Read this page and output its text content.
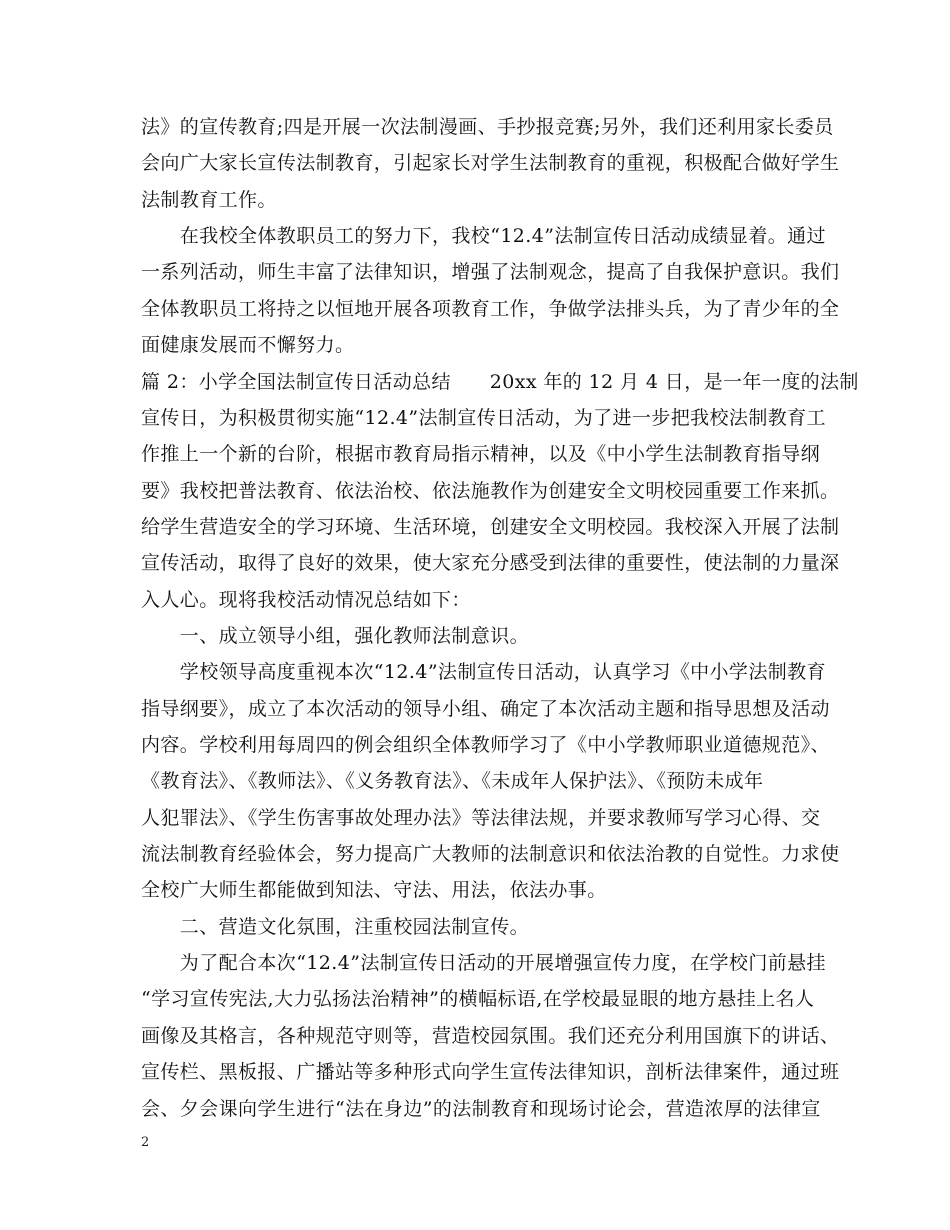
法》的宣传教育;四是开展一次法制漫画、手抄报竞赛;另外，我们还利用家长委员
会向广大家长宣传法制教育，引起家长对学生法制教育的重视，积极配合做好学生
法制教育工作。
　　在我校全体教职员工的努力下，我校“12.4”法制宣传日活动成绩显着。通过
一系列活动，师生丰富了法律知识，增强了法制观念，提高了自我保护意识。我们
全体教职员工将持之以恒地开展各项教育工作，争做学法排头兵，为了青少年的全
面健康发展而不懈努力。
篇 2：小学全国法制宣传日活动总结　　20xx 年的 12 月 4 日，是一年一度的法制
宣传日，为积极贯彻实施“12.4”法制宣传日活动，为了进一步把我校法制教育工
作推上一个新的台阶，根据市教育局指示精神，以及《中小学生法制教育指导纲
要》我校把普法教育、依法治校、依法施教作为创建安全文明校园重要工作来抓。
给学生营造安全的学习环境、生活环境，创建安全文明校园。我校深入开展了法制
宣传活动，取得了良好的效果，使大家充分感受到法律的重要性，使法制的力量深
入人心。现将我校活动情况总结如下：
　　一、成立领导小组，强化教师法制意识。
　　学校领导高度重视本次“12.4”法制宣传日活动，认真学习《中小学法制教育
指导纲要》，成立了本次活动的领导小组、确定了本次活动主题和指导思想及活动
内容。学校利用每周四的例会组织全体教师学习了《中小学教师职业道德规范》、
《教育法》、《教师法》、《义务教育法》、《未成年人保护法》、《预防未成年
人犯罪法》、《学生伤害事故处理办法》等法律法规，并要求教师写学习心得、交
流法制教育经验体会，努力提高广大教师的法制意识和依法治教的自觉性。力求使
全校广大师生都能做到知法、守法、用法，依法办事。
　　二、营造文化氛围，注重校园法制宣传。
　　为了配合本次“12.4”法制宣传日活动的开展增强宣传力度，在学校门前悬挂
“学习宣传宪法,大力弘扬法治精神”的横幅标语,在学校最显眼的地方悬挂上名人
画像及其格言，各种规范守则等，营造校园氛围。我们还充分利用国旗下的讲话、
宣传栏、黑板报、广播站等多种形式向学生宣传法律知识，剖析法律案件，通过班
会、夕会课向学生进行“法在身边”的法制教育和现场讨论会，营造浓厚的法律宣
2
